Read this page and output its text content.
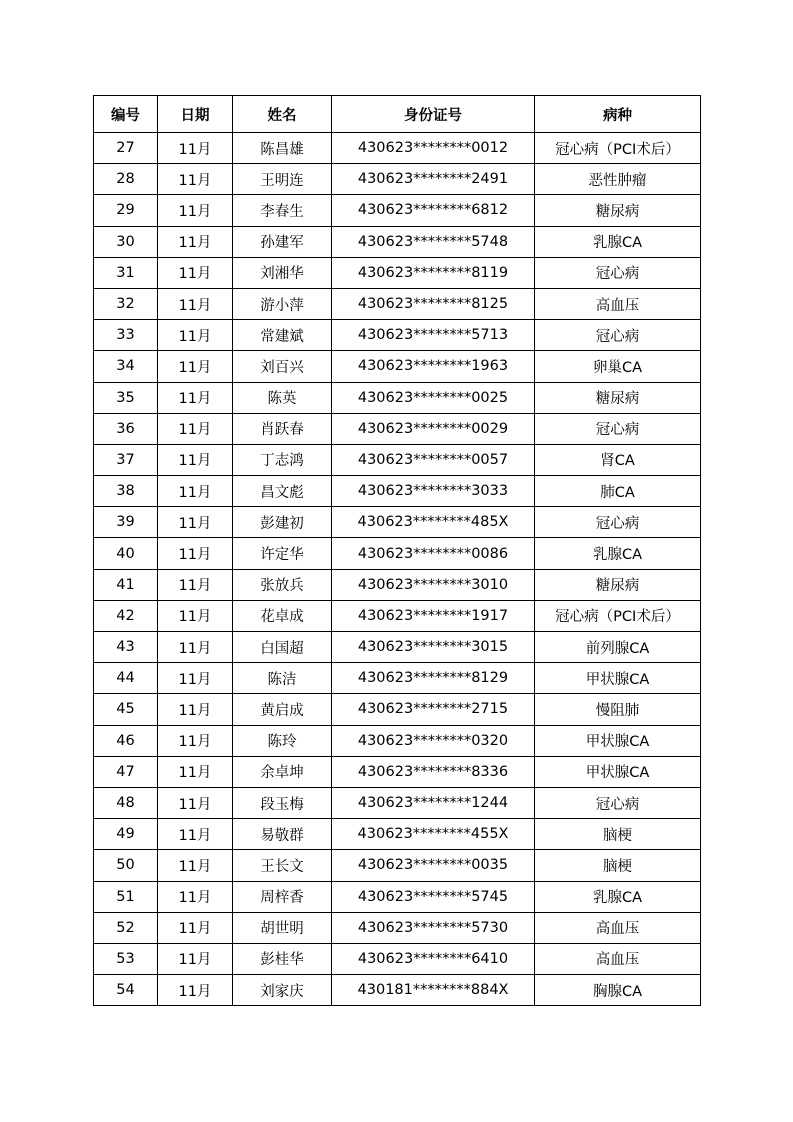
编号	日期	姓名	身份证号	病种
27	11月	陈昌雄	430623********0012	冠心病（PCI术后）
28	11月	王明连	430623********2491	恶性肿瘤
29	11月	李春生	430623********6812	糖尿病
30	11月	孙建军	430623********5748	乳腺CA
31	11月	刘湘华	430623********8119	冠心病
32	11月	游小萍	430623********8125	高血压
33	11月	常建斌	430623********5713	冠心病
34	11月	刘百兴	430623********1963	卵巢CA
35	11月	陈英	430623********0025	糖尿病
36	11月	肖跃春	430623********0029	冠心病
37	11月	丁志鸿	430623********0057	肾CA
38	11月	昌文彪	430623********3033	肺CA
39	11月	彭建初	430623********485X	冠心病
40	11月	许定华	430623********0086	乳腺CA
41	11月	张放兵	430623********3010	糖尿病
42	11月	花卓成	430623********1917	冠心病（PCI术后）
43	11月	白国超	430623********3015	前列腺CA
44	11月	陈洁	430623********8129	甲状腺CA
45	11月	黄启成	430623********2715	慢阻肺
46	11月	陈玲	430623********0320	甲状腺CA
47	11月	余卓坤	430623********8336	甲状腺CA
48	11月	段玉梅	430623********1244	冠心病
49	11月	易敬群	430623********455X	脑梗
50	11月	王长文	430623********0035	脑梗
51	11月	周梓香	430623********5745	乳腺CA
52	11月	胡世明	430623********5730	高血压
53	11月	彭桂华	430623********6410	高血压
54	11月	刘家庆	430181********884X	胸腺CA
